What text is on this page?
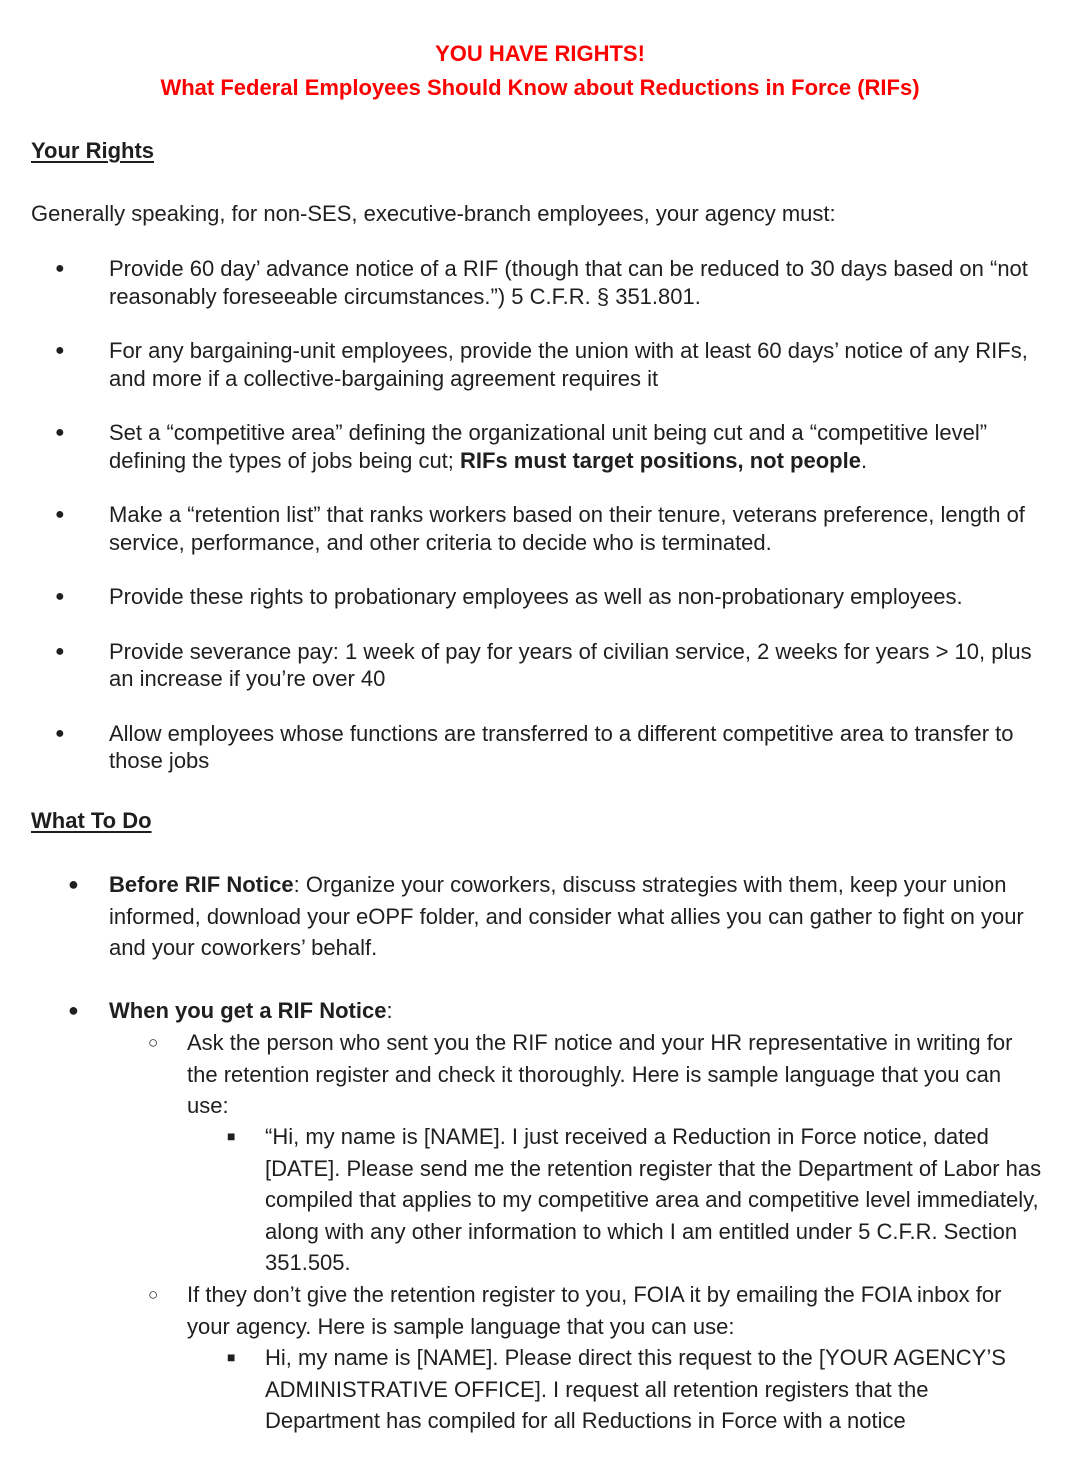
YOU HAVE RIGHTS!
What Federal Employees Should Know about Reductions in Force (RIFs)
Your Rights
Generally speaking, for non-SES, executive-branch employees, your agency must:
● Provide 60 day’ advance notice of a RIF (though that can be reduced to 30 days based on “not reasonably foreseeable circumstances.”) 5 C.F.R. § 351.801.
● For any bargaining-unit employees, provide the union with at least 60 days’ notice of any RIFs, and more if a collective-bargaining agreement requires it
● Set a “competitive area” defining the organizational unit being cut and a “competitive level” defining the types of jobs being cut; RIFs must target positions, not people.
● Make a “retention list” that ranks workers based on their tenure, veterans preference, length of service, performance, and other criteria to decide who is terminated.
● Provide these rights to probationary employees as well as non-probationary employees.
● Provide severance pay: 1 week of pay for years of civilian service, 2 weeks for years > 10, plus an increase if you’re over 40
● Allow employees whose functions are transferred to a different competitive area to transfer to those jobs
What To Do
●	Before RIF Notice: Organize your coworkers, discuss strategies with them, keep your union informed, download your eOPF folder, and consider what allies you can gather to fight on your and your coworkers’ behalf.
●	When you get a RIF Notice:
○	Ask the person who sent you the RIF notice and your HR representative in writing for the retention register and check it thoroughly. Here is sample language that you can use:
■	“Hi, my name is [NAME]. I just received a Reduction in Force notice, dated [DATE]. Please send me the retention register that the Department of Labor has compiled that applies to my competitive area and competitive level immediately, along with any other information to which I am entitled under 5 C.F.R. Section 351.505.
○	If they don’t give the retention register to you, FOIA it by emailing the FOIA inbox for your agency. Here is sample language that you can use:
■	Hi, my name is [NAME]. Please direct this request to the [YOUR AGENCY’S ADMINISTRATIVE OFFICE]. I request all retention registers that the Department has compiled for all Reductions in Force with a notice
